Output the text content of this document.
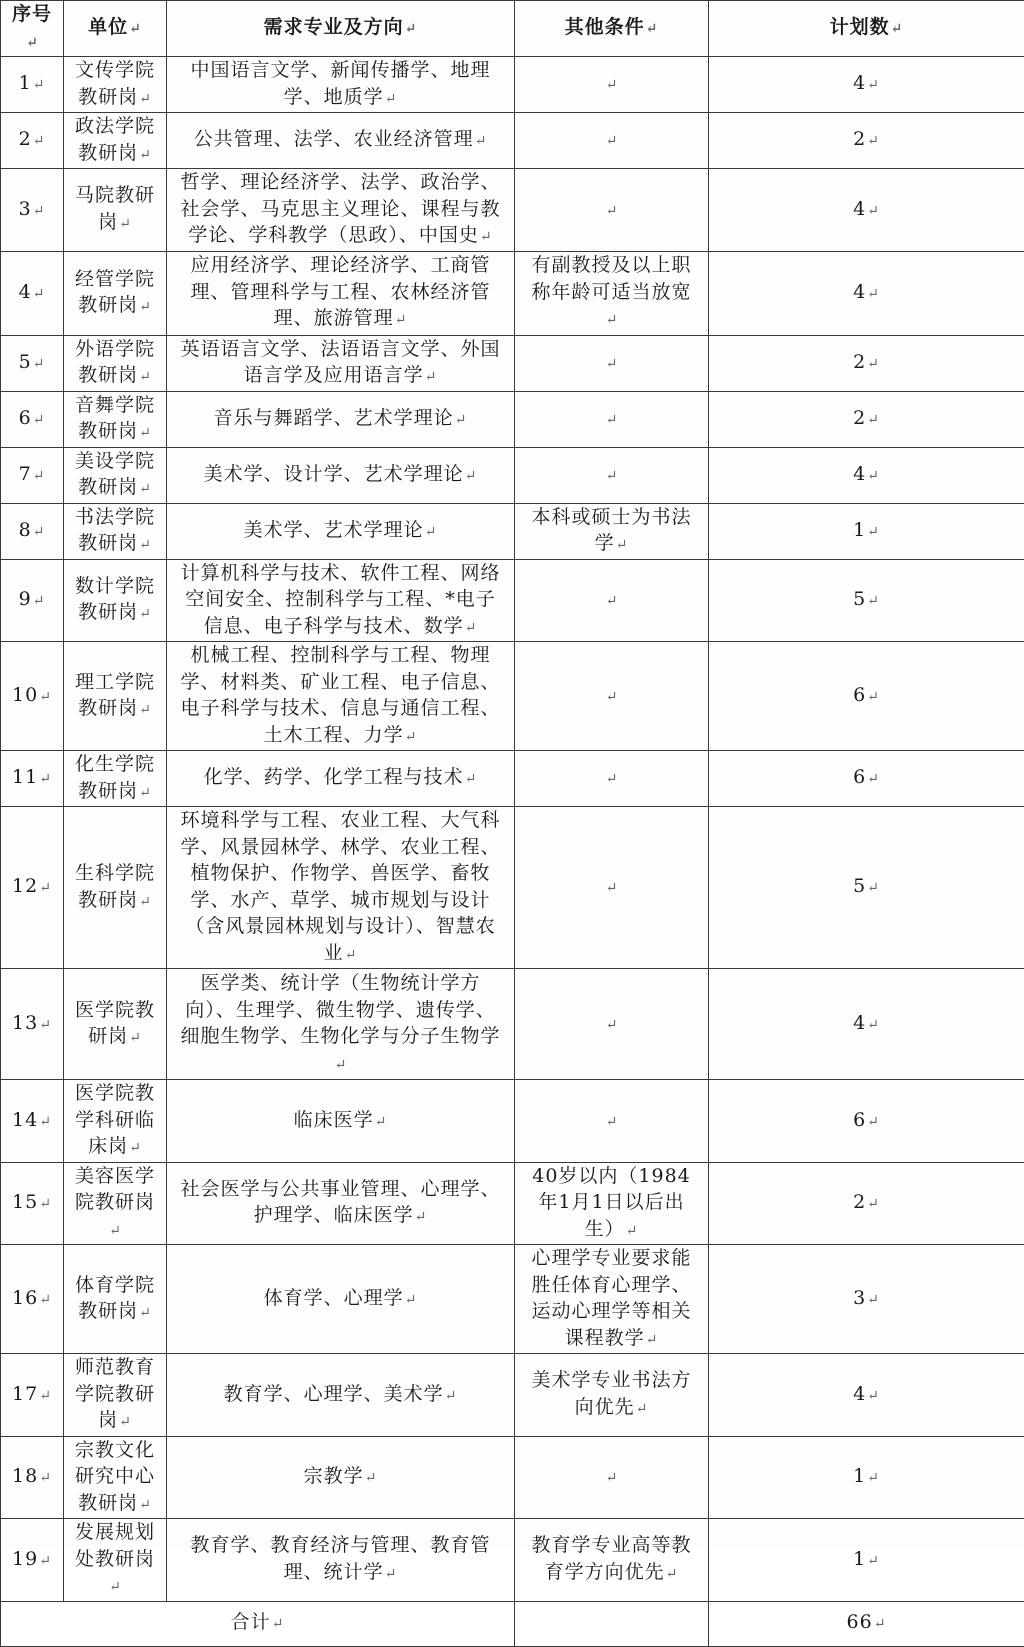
序号↵	单位↵	需求专业及方向↵	其他条件↵	计划数↵
1↵	文传学院教研岗↵	中国语言文学、新闻传播学、地理学、地质学↵	↵	4↵
2↵	政法学院教研岗↵	公共管理、法学、农业经济管理↵	↵	2↵
3↵	马院教研岗↵	哲学、理论经济学、法学、政治学、社会学、马克思主义理论、课程与教学论、学科教学（思政）、中国史↵	↵	4↵
4↵	经管学院教研岗↵	应用经济学、理论经济学、工商管理、管理科学与工程、农林经济管理、旅游管理↵	有副教授及以上职称年龄可适当放宽↵	4↵
5↵	外语学院教研岗↵	英语语言文学、法语语言文学、外国语言学及应用语言学↵	↵	2↵
6↵	音舞学院教研岗↵	音乐与舞蹈学、艺术学理论↵	↵	2↵
7↵	美设学院教研岗↵	美术学、设计学、艺术学理论↵	↵	4↵
8↵	书法学院教研岗↵	美术学、艺术学理论↵	本科或硕士为书法学↵	1↵
9↵	数计学院教研岗↵	计算机科学与技术、软件工程、网络空间安全、控制科学与工程、*电子信息、电子科学与技术、数学↵	↵	5↵
10↵	理工学院教研岗↵	机械工程、控制科学与工程、物理学、材料类、矿业工程、电子信息、电子科学与技术、信息与通信工程、土木工程、力学↵	↵	6↵
11↵	化生学院教研岗↵	化学、药学、化学工程与技术↵	↵	6↵
12↵	生科学院教研岗↵	环境科学与工程、农业工程、大气科学、风景园林学、林学、农业工程、植物保护、作物学、兽医学、畜牧学、水产、草学、城市规划与设计（含风景园林规划与设计）、智慧农业↵	↵	5↵
13↵	医学院教研岗↵	医学类、统计学（生物统计学方向）、生理学、微生物学、遗传学、细胞生物学、生物化学与分子生物学↵	↵	4↵
14↵	医学院教学科研临床岗↵	临床医学↵	↵	6↵
15↵	美容医学院教研岗↵	社会医学与公共事业管理、心理学、护理学、临床医学↵	40岁以内（1984年1月1日以后出生）↵	2↵
16↵	体育学院教研岗↵	体育学、心理学↵	心理学专业要求能胜任体育心理学、运动心理学等相关课程教学↵	3↵
17↵	师范教育学院教研岗↵	教育学、心理学、美术学↵	美术学专业书法方向优先↵	4↵
18↵	宗教文化研究中心教研岗↵	宗教学↵	↵	1↵
19↵	发展规划处教研岗↵	教育学、教育经济与管理、教育管理、统计学↵	教育学专业高等教育学方向优先↵	1↵
合计↵				66↵
